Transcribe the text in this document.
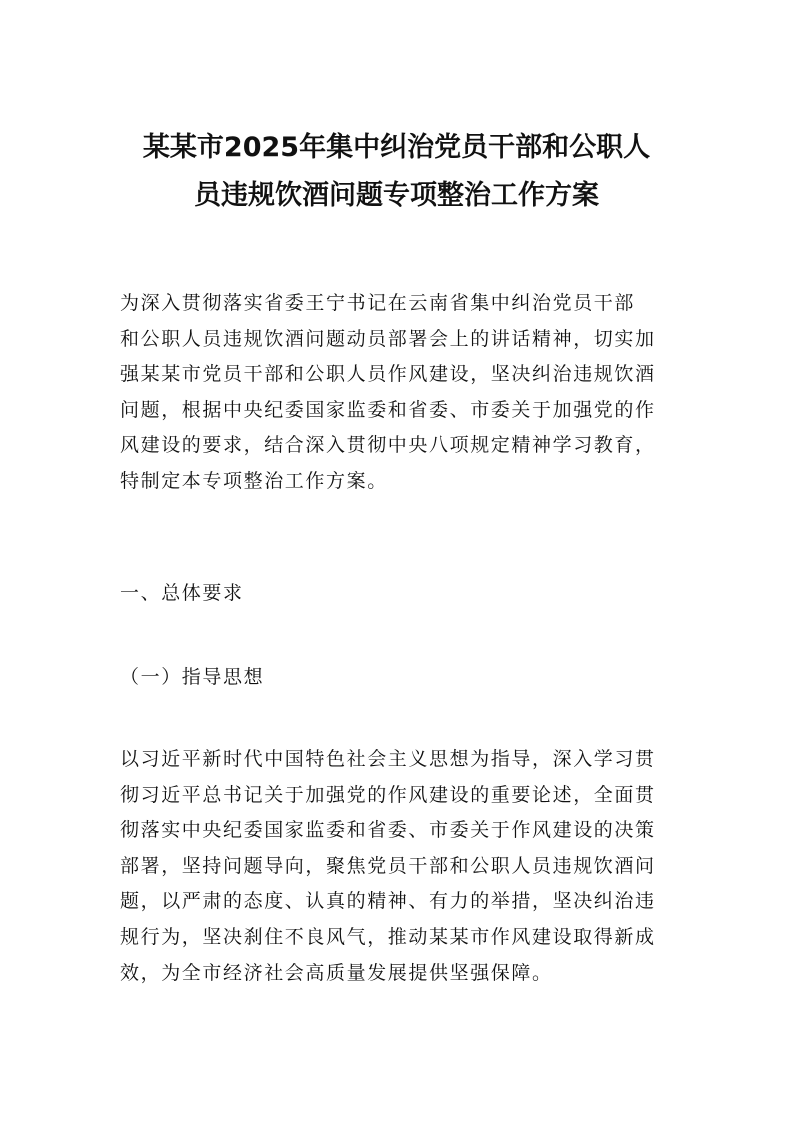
某某市2025年集中纠治党员干部和公职人
员违规饮酒问题专项整治工作方案

为深入贯彻落实省委王宁书记在云南省集中纠治党员干部
和公职人员违规饮酒问题动员部署会上的讲话精神，切实加
强某某市党员干部和公职人员作风建设，坚决纠治违规饮酒
问题，根据中央纪委国家监委和省委、市委关于加强党的作
风建设的要求，结合深入贯彻中央八项规定精神学习教育，
特制定本专项整治工作方案。

一、总体要求

（一）指导思想

以习近平新时代中国特色社会主义思想为指导，深入学习贯
彻习近平总书记关于加强党的作风建设的重要论述，全面贯
彻落实中央纪委国家监委和省委、市委关于作风建设的决策
部署，坚持问题导向，聚焦党员干部和公职人员违规饮酒问
题，以严肃的态度、认真的精神、有力的举措，坚决纠治违
规行为，坚决刹住不良风气，推动某某市作风建设取得新成
效，为全市经济社会高质量发展提供坚强保障。
